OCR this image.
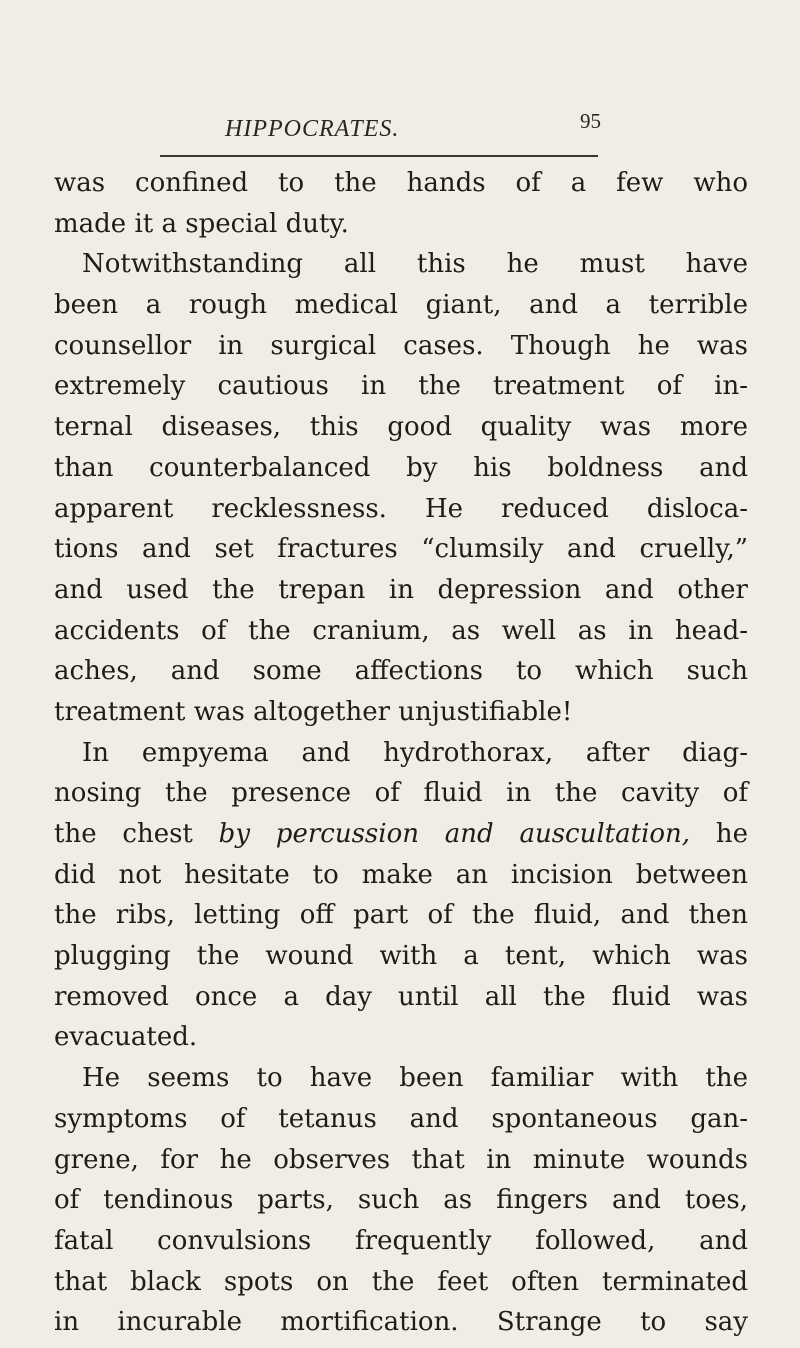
HIPPOCRATES.	95
was confined to the hands of a few who
made it a special duty.
Notwithstanding all this he must have
been a rough medical giant, and a terrible
counsellor in surgical cases. Though he was
extremely cautious in the treatment of in-
ternal diseases, this good quality was more
than counterbalanced by his boldness and
apparent recklessness. He reduced disloca-
tions and set fractures “clumsily and cruelly,”
and used the trepan in depression and other
accidents of the cranium, as well as in head-
aches, and some affections to which such
treatment was altogether unjustifiable!
In empyema and hydrothorax, after diag-
nosing the presence of fluid in the cavity of
the chest by percussion and auscultation, he
did not hesitate to make an incision between
the ribs, letting off part of the fluid, and then
plugging the wound with a tent, which was
removed once a day until all the fluid was
evacuated.
He seems to have been familiar with the
symptoms of tetanus and spontaneous gan-
grene, for he observes that in minute wounds
of tendinous parts, such as fingers and toes,
fatal convulsions frequently followed, and
that black spots on the feet often terminated
in incurable mortification. Strange to say
